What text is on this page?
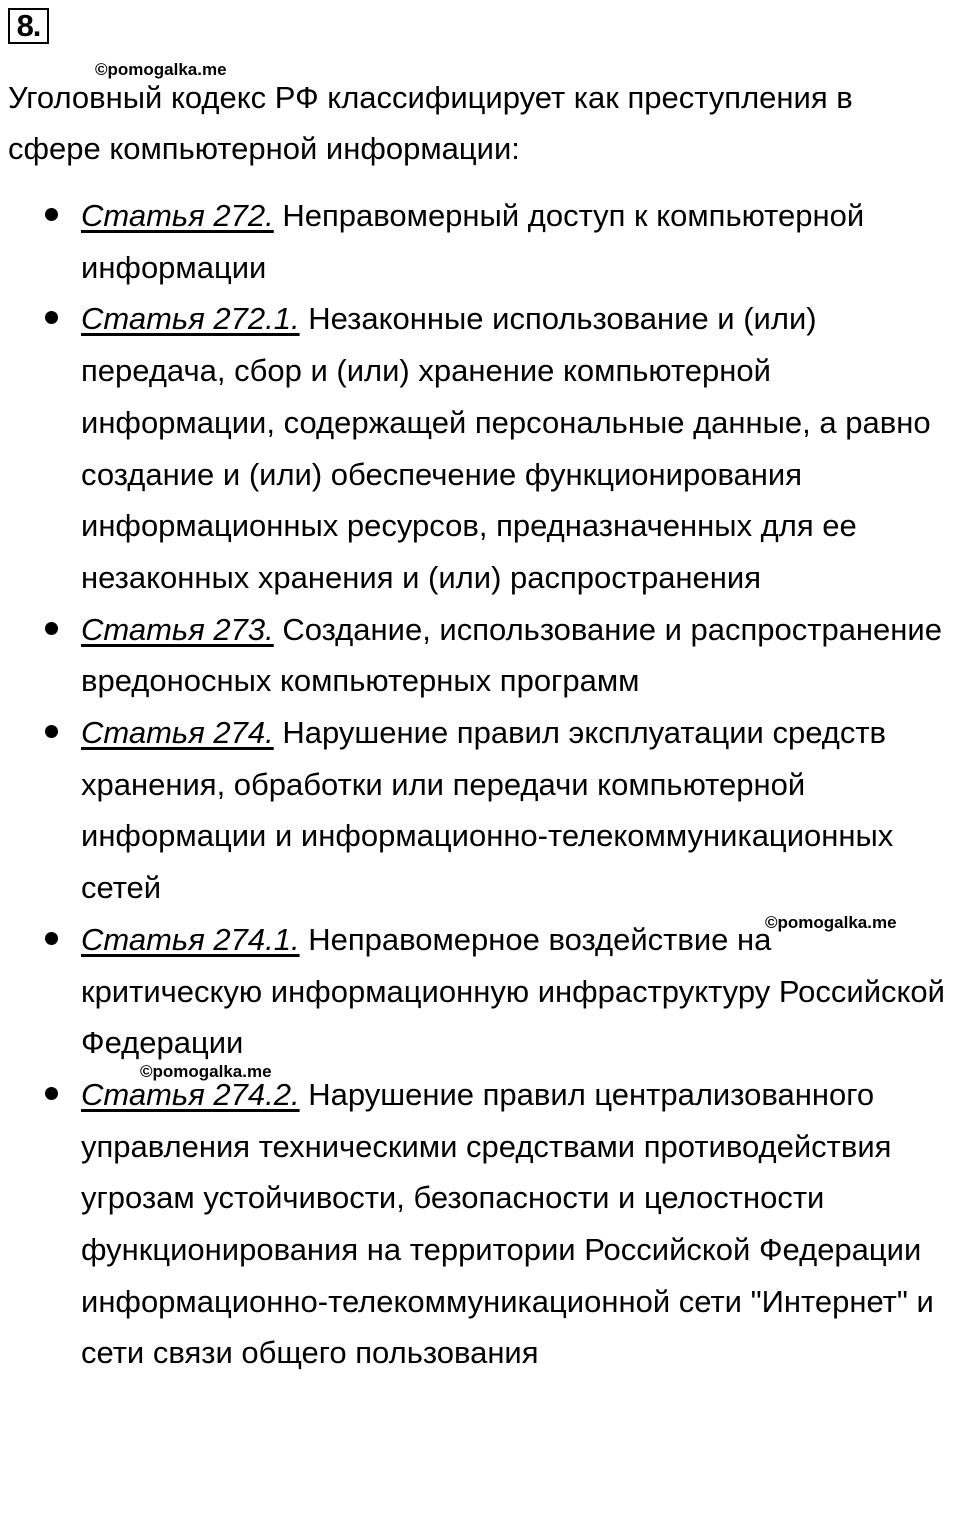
8.
©pomogalka.me

Уголовный кодекс РФ классифицирует как преступления в сфере компьютерной информации:

Статья 272. Неправомерный доступ к компьютерной информации
Статья 272.1. Незаконные использование и (или) передача, сбор и (или) хранение компьютерной информации, содержащей персональные данные, а равно создание и (или) обеспечение функционирования информационных ресурсов, предназначенных для ее незаконных хранения и (или) распространения
Статья 273. Создание, использование и распространение вредоносных компьютерных программ
Статья 274. Нарушение правил эксплуатации средств хранения, обработки или передачи компьютерной информации и информационно-телекоммуникационных сетей
Статья 274.1. Неправомерное воздействие на критическую информационную инфраструктуру Российской Федерации
Статья 274.2. Нарушение правил централизованного управления техническими средствами противодействия угрозам устойчивости, безопасности и целостности функционирования на территории Российской Федерации информационно-телекоммуникационной сети "Интернет" и сети связи общего пользования
©pomogalka.me
©pomogalka.me
